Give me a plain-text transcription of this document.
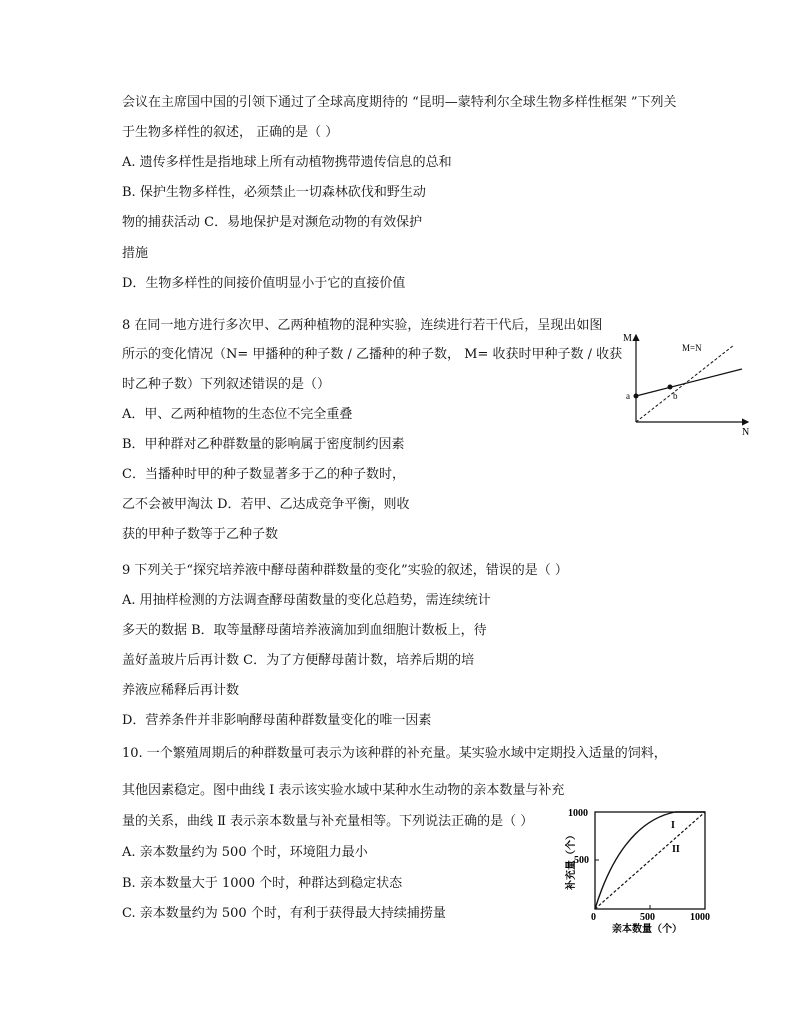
会议在主席国中国的引领下通过了全球高度期待的 “昆明—蒙特利尔全球生物多样性框架 ”下列关
于生物多样性的叙述， 正确的是（ ）
A. 遗传多样性是指地球上所有动植物携带遗传信息的总和
B. 保护生物多样性，必须禁止一切森林砍伐和野生动
物的捕获活动 C．易地保护是对濒危动物的有效保护
措施
D．生物多样性的间接价值明显小于它的直接价值
8 在同一地方进行多次甲、乙两种植物的混种实验，连续进行若干代后，呈现出如图
所示的变化情况（N= 甲播种的种子数 / 乙播种的种子数， M= 收获时甲种子数 / 收获
时乙种子数）下列叙述错误的是（）
A．甲、乙两种植物的生态位不完全重叠
B．甲种群对乙种群数量的影响属于密度制约因素
C．当播种时甲的种子数显著多于乙的种子数时，
乙不会被甲淘汰 D．若甲、乙达成竞争平衡，则收
获的甲种子数等于乙种子数
9 下列关于“探究培养液中酵母菌种群数量的变化”实验的叙述，错误的是（ ）
A. 用抽样检测的方法调查酵母菌数量的变化总趋势，需连续统计
多天的数据 B．取等量酵母菌培养液滴加到血细胞计数板上，待
盖好盖玻片后再计数 C．为了方便酵母菌计数，培养后期的培
养液应稀释后再计数
D．营养条件并非影响酵母菌种群数量变化的唯一因素
10. 一个繁殖周期后的种群数量可表示为该种群的补充量。某实验水域中定期投入适量的饲料，
其他因素稳定。图中曲线 Ⅰ 表示该实验水域中某种水生动物的亲本数量与补充
量的关系，曲线 Ⅱ 表示亲本数量与补充量相等。下列说法正确的是（ ）
A. 亲本数量约为 500 个时，环境阻力最小
B. 亲本数量大于 1000 个时，种群达到稳定状态
C. 亲本数量约为 500 个时，有利于获得最大持续捕捞量
M
N
M=N
a	b
1000
500
0	500	1000
I
II
亲本数量（个）
补充量（个）
